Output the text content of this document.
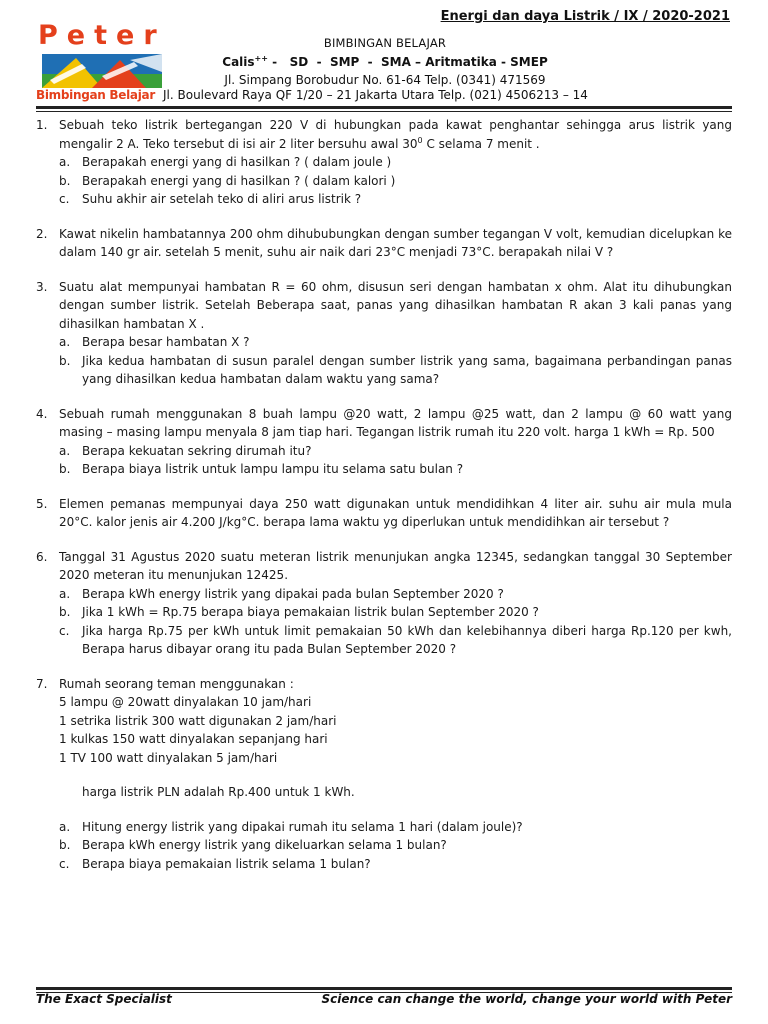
Energi dan daya Listrik / IX / 2020-2021
Peter
Bimbingan Belajar
BIMBINGAN BELAJAR
Calis++ -   SD  -  SMP  -  SMA – Aritmatika - SMEP
Jl. Simpang Borobudur No. 61-64 Telp. (0341) 471569
Jl. Boulevard Raya QF 1/20 – 21 Jakarta Utara Telp. (021) 4506213 – 14
1. Sebuah teko listrik bertegangan 220 V di hubungkan pada kawat penghantar sehingga arus listrik yang mengalir 2 A. Teko tersebut di isi air 2 liter bersuhu awal $30^0$ C selama 7 menit .

a. Berapakah energi yang di hasilkan ? ( dalam joule )
b. Berapakah energi yang di hasilkan ? ( dalam kalori )
c. Suhu akhir air setelah teko di aliri arus listrik ?
2. Kawat nikelin hambatannya 200 ohm dihububungkan dengan sumber tegangan V volt, kemudian dicelupkan ke dalam 140 gr air. setelah 5 menit, suhu air naik dari 23°C menjadi 73°C. berapakah nilai V ?

3. Suatu alat mempunyai hambatan R = 60 ohm, disusun seri dengan hambatan x ohm. Alat itu dihubungkan dengan sumber listrik. Setelah Beberapa saat, panas yang dihasilkan hambatan R akan 3 kali panas yang dihasilkan hambatan X .

a. Berapa besar hambatan X ?
b. Jika kedua hambatan di susun paralel dengan sumber listrik yang sama, bagaimana perbandingan panas yang dihasilkan kedua hambatan dalam waktu yang sama?
4. Sebuah rumah menggunakan 8 buah lampu @20 watt, 2 lampu @25 watt, dan 2 lampu @ 60 watt yang masing – masing lampu menyala 8 jam tiap hari. Tegangan listrik rumah itu 220 volt. harga 1 kWh = Rp. 500

a. Berapa kekuatan sekring dirumah itu?
b. Berapa biaya listrik untuk lampu lampu itu selama satu bulan ?
5. Elemen pemanas mempunyai daya 250 watt digunakan untuk mendidihkan 4 liter air. suhu air mula mula 20°C. kalor jenis air 4.200 J/kg°C. berapa lama waktu yg diperlukan untuk mendidihkan air tersebut ?

6. Tanggal 31 Agustus 2020 suatu meteran listrik menunjukan angka 12345, sedangkan tanggal 30 September 2020 meteran itu menunjukan 12425.

a. Berapa kWh energy listrik yang dipakai pada bulan September 2020 ?
b. Jika 1 kWh = Rp.75 berapa biaya pemakaian listrik bulan September 2020 ?
c. Jika harga Rp.75 per kWh untuk limit pemakaian 50 kWh dan kelebihannya diberi harga Rp.120 per kwh, Berapa harus dibayar orang itu pada Bulan September 2020 ?
7. Rumah seorang teman menggunakan :

5 lampu @ 20watt dinyalakan 10 jam/hari
1 setrika listrik 300 watt digunakan 2 jam/hari
1 kulkas 150 watt dinyalakan sepanjang hari
1 TV 100 watt dinyalakan 5 jam/hari
harga listrik PLN adalah Rp.400 untuk 1 kWh.
a. Hitung energy listrik yang dipakai rumah itu selama 1 hari (dalam joule)?
b. Berapa kWh energy listrik yang dikeluarkan selama 1 bulan?
c. Berapa biaya pemakaian listrik selama 1 bulan?
The Exact Specialist	Science can change the world, change your world with Peter
